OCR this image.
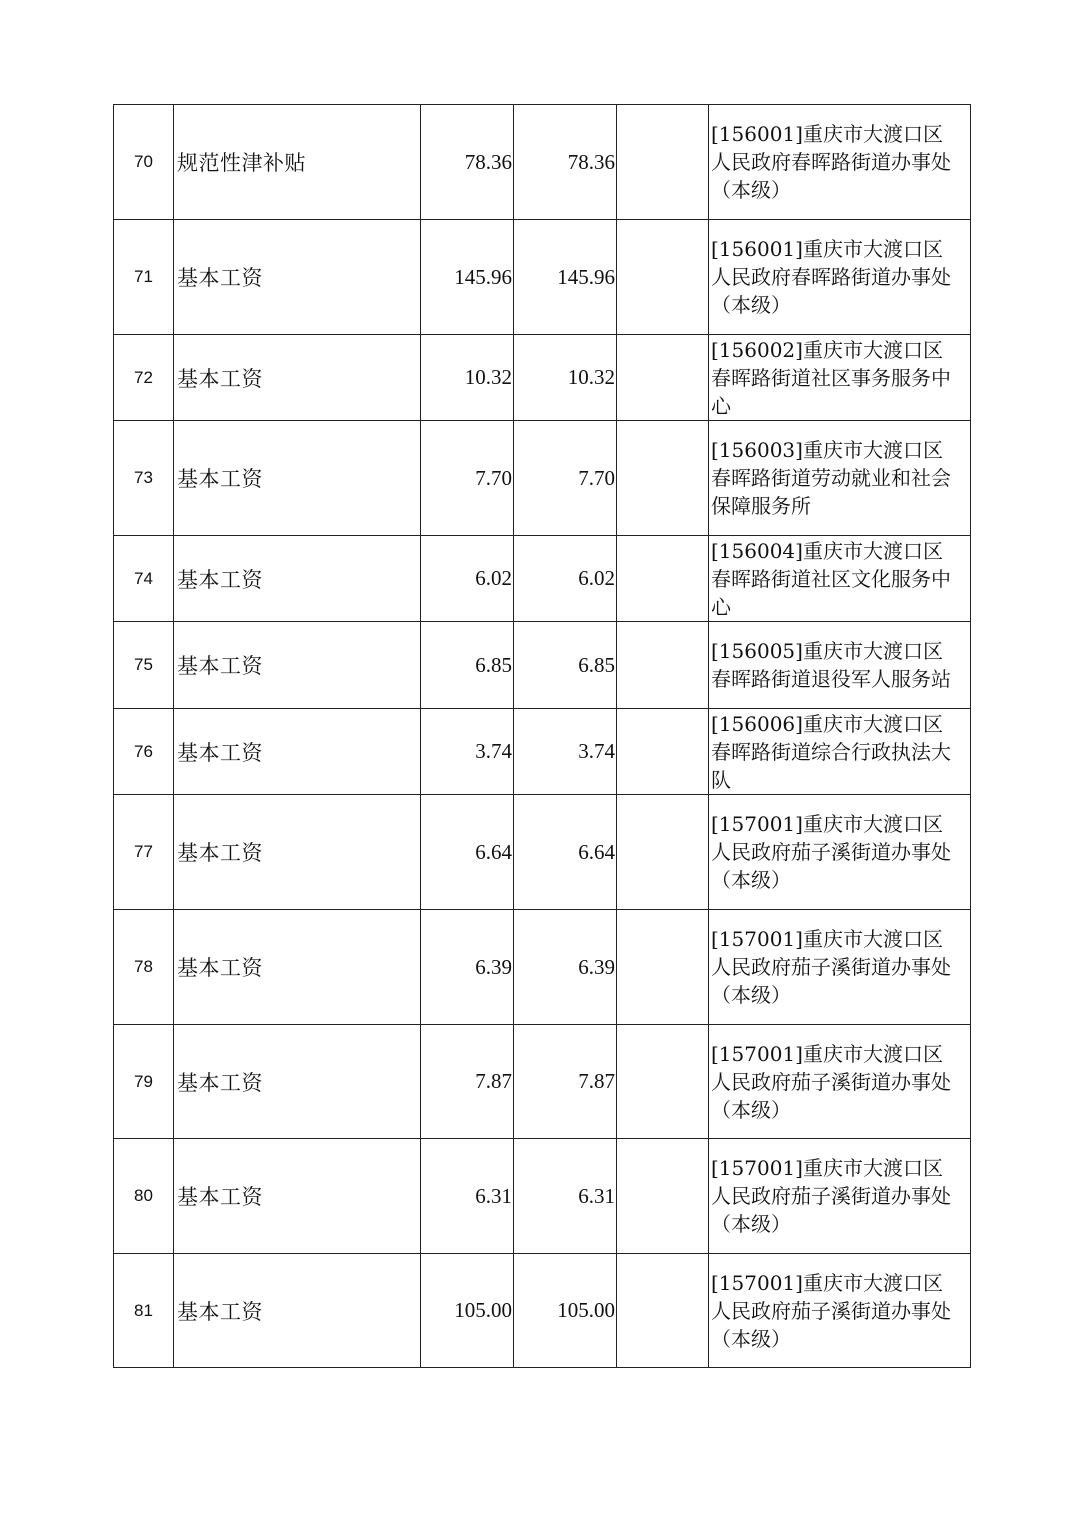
70	规范性津补贴	78.36	78.36		[156001]重庆市大渡口区人民政府春晖路街道办事处（本级）

71	基本工资	145.96	145.96		[156001]重庆市大渡口区人民政府春晖路街道办事处（本级）

72	基本工资	10.32	10.32		[156002]重庆市大渡口区春晖路街道社区事务服务中心

73	基本工资	7.70	7.70		[156003]重庆市大渡口区春晖路街道劳动就业和社会保障服务所

74	基本工资	6.02	6.02		[156004]重庆市大渡口区春晖路街道社区文化服务中心

75	基本工资	6.85	6.85		[156005]重庆市大渡口区春晖路街道退役军人服务站

76	基本工资	3.74	3.74		[156006]重庆市大渡口区春晖路街道综合行政执法大队

77	基本工资	6.64	6.64		[157001]重庆市大渡口区人民政府茄子溪街道办事处（本级）

78	基本工资	6.39	6.39		[157001]重庆市大渡口区人民政府茄子溪街道办事处（本级）

79	基本工资	7.87	7.87		[157001]重庆市大渡口区人民政府茄子溪街道办事处（本级）

80	基本工资	6.31	6.31		[157001]重庆市大渡口区人民政府茄子溪街道办事处（本级）

81	基本工资	105.00	105.00		[157001]重庆市大渡口区人民政府茄子溪街道办事处（本级）
